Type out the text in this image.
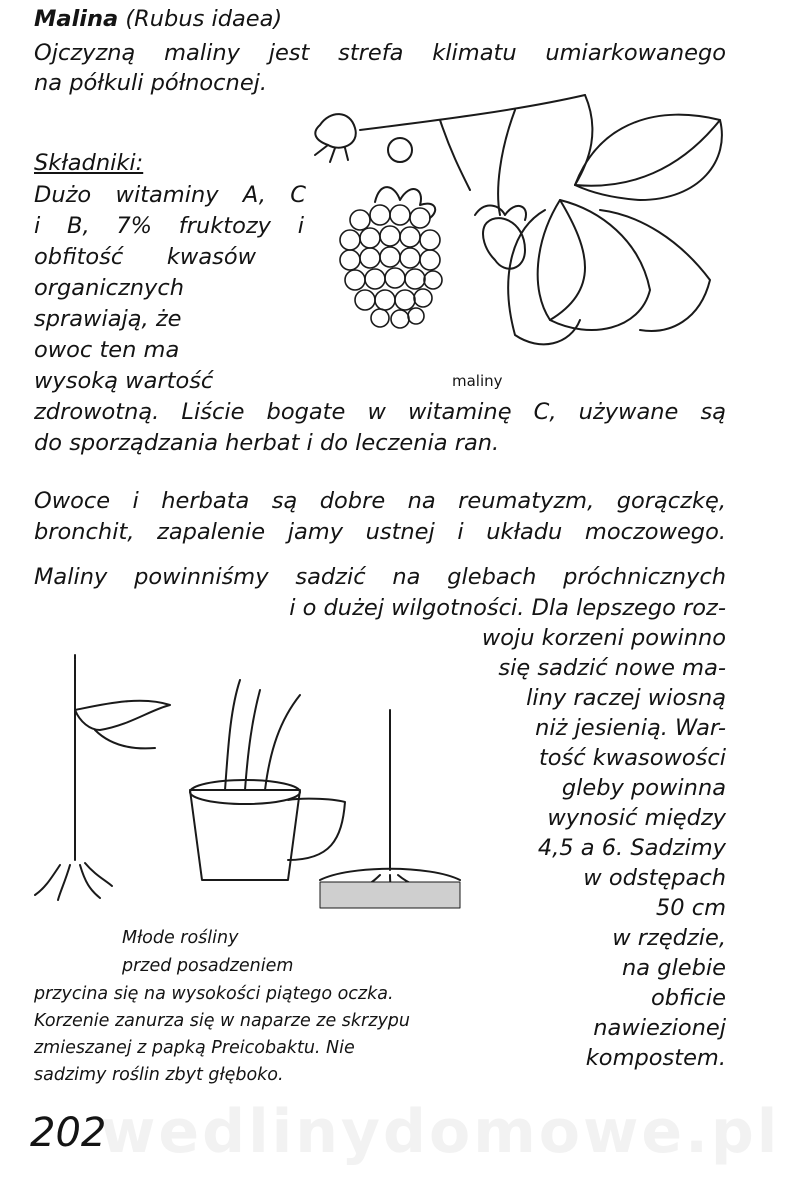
wedlinydomowe.pl
Malina (Rubus idaea)
Ojczyzną maliny jest strefa klimatu umiarkowanego
na półkuli północnej.
Składniki:
Dużo witaminy A, C
i B, 7% fruktozy i
obfitość kwasów
organicznych
sprawiają, że
owoc ten ma
wysoką wartość
zdrowotną. Liście bogate w witaminę C, używane są
do sporządzania herbat i do leczenia ran.
maliny
Owoce i herbata są dobre na reumatyzm, gorączkę,
bronchit, zapalenie jamy ustnej i układu moczowego.
Maliny powinniśmy sadzić na glebach próchnicznych
i o dużej wilgotności. Dla lepszego roz-
woju korzeni powinno
się sadzić nowe ma-
liny raczej wiosną
niż jesienią. War-
tość kwasowości
gleby powinna
wynosić między
4,5 a 6. Sadzimy
w odstępach
50 cm
w rzędzie,
na glebie
obficie
nawiezionej
kompostem.
Młode rośliny
przed posadzeniem
przycina się na wysokości piątego oczka.
Korzenie zanurza się w naparze ze skrzypu
zmieszanej z papką Preicobaktu. Nie
sadzimy roślin zbyt głęboko.
202
